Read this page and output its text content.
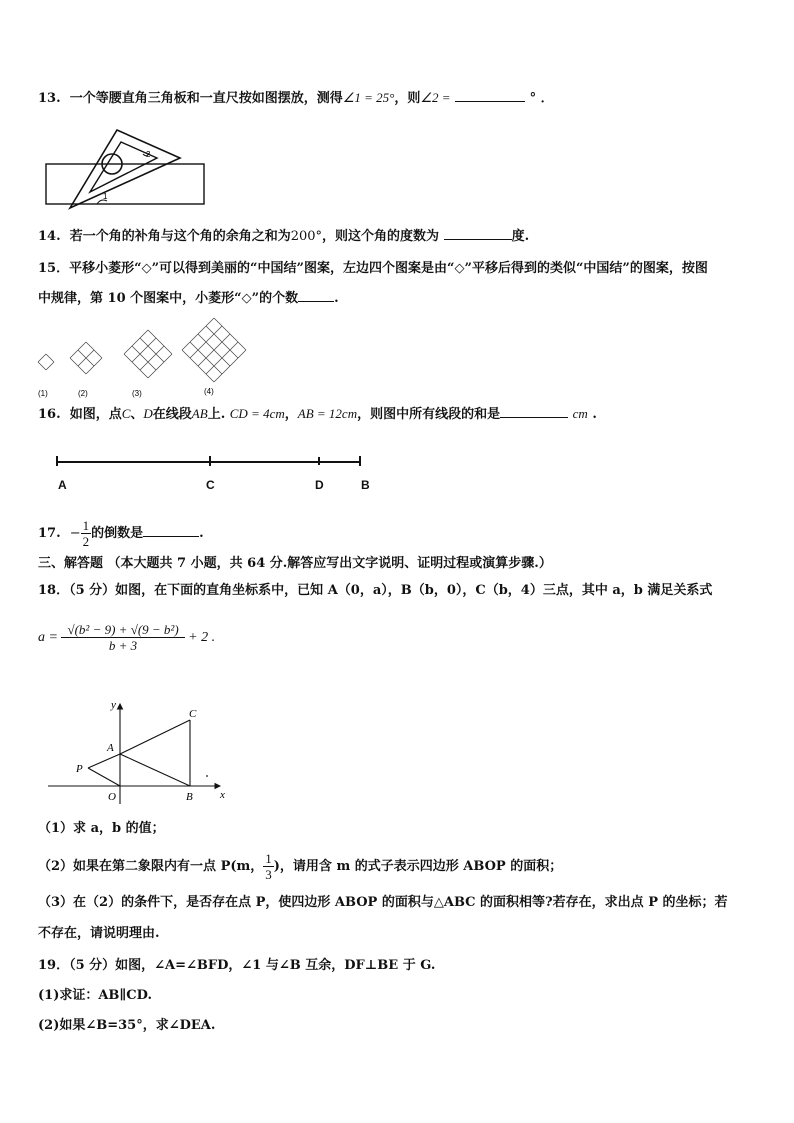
13. 一个等腰直角三角板和一直尺按如图摆放，测得∠1 = 25°，则∠2 =	° ．
2
1
14. 若一个角的补角与这个角的余角之和为200°，则这个角的度数为	度.
15．平移小菱形“◇”可以得到美丽的“中国结”图案，左边四个图案是由“◇”平移后得到的类似“中国结”的图案，按图
中规律，第 10 个图案中，小菱形“◇”的个数	.
(1)	(2)	(3)	(4)
16. 如图，点C、D在线段AB上. CD = 4cm，AB = 12cm，则图中所有线段的和是	cm .
A	C	D	B
17. − $\frac{1}{2}$ 的倒数是	.
三、解答题 （本大题共 7 小题，共 64 分.解答应写出文字说明、证明过程或演算步骤.）
18．（5 分）如图，在下面的直角坐标系中，已知 A（0，a），B（b，0），C（b，4）三点，其中 a，b 满足关系式
$a = \frac{\text{√(b² − 9) + √(9 − b²)}}{b + 3} + 2$ .
y
x
C
A
P
O	B
（1）求 a，b 的值；
（2）如果在第二象限内有一点 P(m， $\frac{1}{3}$ )，请用含 m 的式子表示四边形 ABOP 的面积；
（3）在（2）的条件下，是否存在点 P，使四边形 ABOP 的面积与△ABC 的面积相等?若存在，求出点 P 的坐标；若
不存在，请说明理由.
19．（5 分）如图，∠A=∠BFD，∠1 与∠B 互余，DF⊥BE 于 G.
(1)求证：AB∥CD.
(2)如果∠B=35°，求∠DEA.
